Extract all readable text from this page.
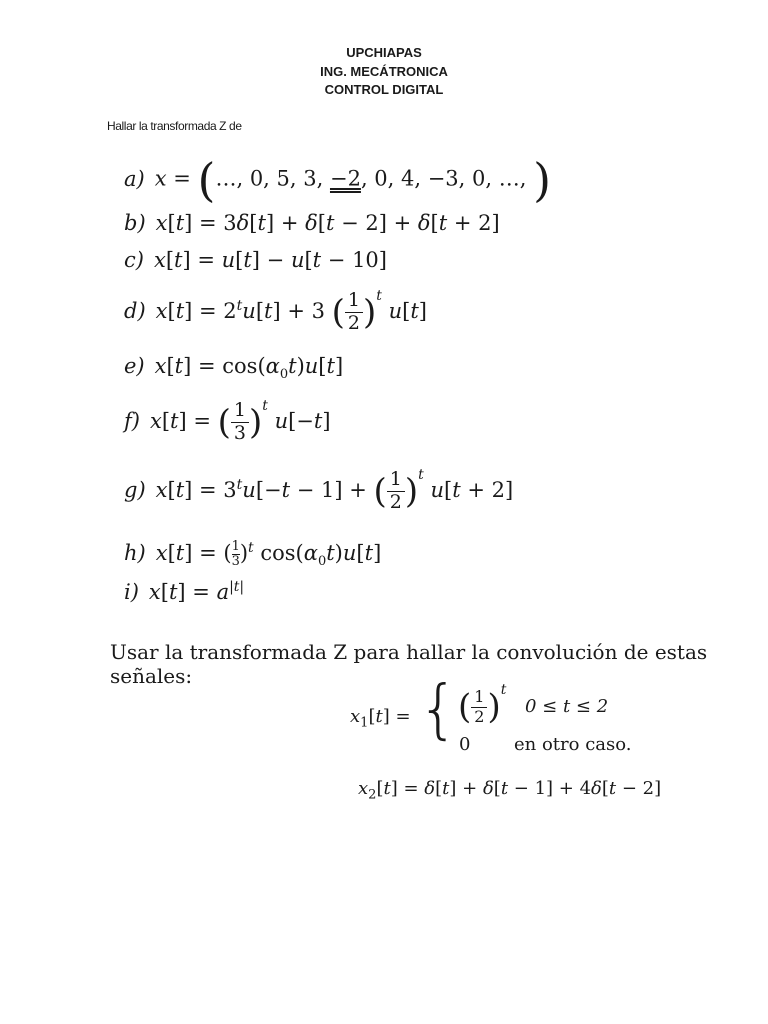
UPCHIAPAS
ING. MECÁTRONICA
CONTROL DIGITAL
Hallar la transformada Z de
a) x = (…, 0, 5, 3, −2, 0, 4, −3, 0, …, )
b) x[t] = 3δ[t] + δ[t − 2] + δ[t + 2]
c) x[t] = u[t] − u[t − 10]
d) $x[t] = 2^tu[t] + 3$ ( $\frac{1}{2} )^t$ u[t]
e) $x[t] = \cos(\alpha_0t)u[t]$
f) x[t] = ( $\frac{1}{3} )^t$ u[−t]
g) $x[t] = 3^tu[-t - 1]$ + ( $\frac{1}{2} )^t$ u[t + 2]
h) x[t] = ( $\frac{1}{3})^t$ $\cos(\alpha_0t)u[t]$
i) $x[t] = a^{|t|}$
Usar la transformada Z para hallar la convolución de estas señales:
$x_1[t]$ = { ( $\frac{1}{2} )^t$
0 ≤ t ≤ 2
0 en otro caso.
$x_2[t] = \delta[t] + \delta[t - 1] + 4\delta[t - 2]$
